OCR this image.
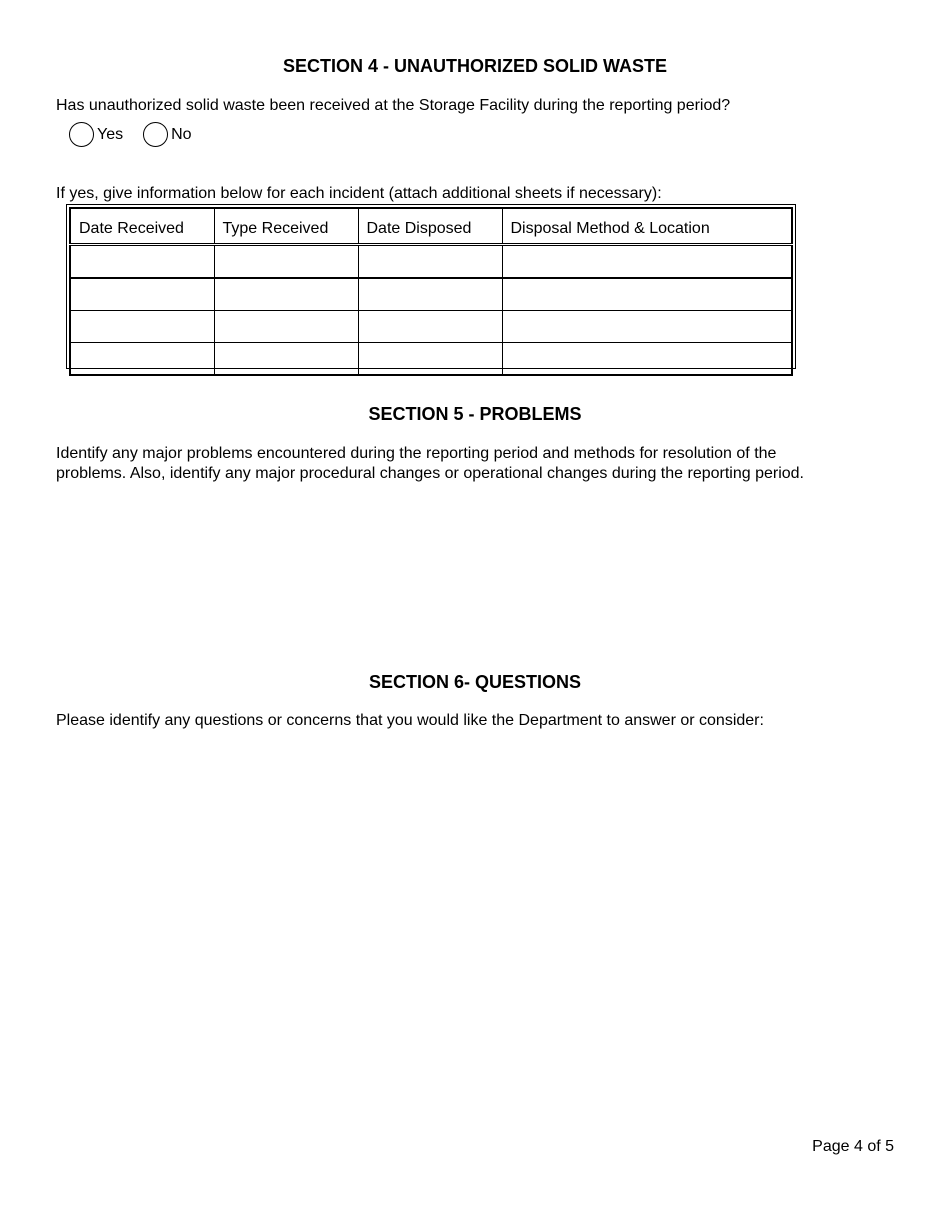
SECTION 4 - UNAUTHORIZED SOLID WASTE
Has unauthorized solid waste been received at the Storage Facility during the reporting period?
Yes	No
If yes, give information below for each incident (attach additional sheets if necessary):
Date Received	Type Received	Date Disposed	Disposal Method & Location

SECTION 5 - PROBLEMS
Identify any major problems encountered during the reporting period and methods for resolution of the
problems. Also, identify any major procedural changes or operational changes during the reporting period.
SECTION 6- QUESTIONS
Please identify any questions or concerns that you would like the Department to answer or consider:
Page 4 of 5
